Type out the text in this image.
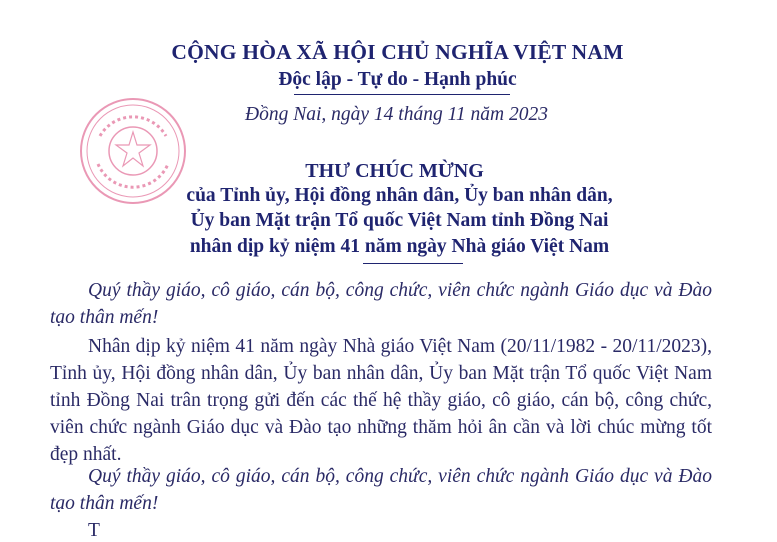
CỘNG HÒA XÃ HỘI CHỦ NGHĨA VIỆT NAM
Độc lập - Tự do - Hạnh phúc
Đồng Nai, ngày 14 tháng 11 năm 2023
THƯ CHÚC MỪNG
của Tỉnh ủy, Hội đồng nhân dân, Ủy ban nhân dân,
Ủy ban Mặt trận Tổ quốc Việt Nam tỉnh Đồng Nai
nhân dịp kỷ niệm 41 năm ngày Nhà giáo Việt Nam
Quý thầy giáo, cô giáo, cán bộ, công chức, viên chức ngành Giáo dục và Đào tạo thân mến!
Nhân dịp kỷ niệm 41 năm ngày Nhà giáo Việt Nam (20/11/1982 - 20/11/2023), Tỉnh ủy, Hội đồng nhân dân, Ủy ban nhân dân, Ủy ban Mặt trận Tổ quốc Việt Nam tỉnh Đồng Nai trân trọng gửi đến các thế hệ thầy giáo, cô giáo, cán bộ, công chức, viên chức ngành Giáo dục và Đào tạo những thăm hỏi ân cần và lời chúc mừng tốt đẹp nhất.
Quý thầy giáo, cô giáo, cán bộ, công chức, viên chức ngành Giáo dục và Đào tạo thân mến!
T
